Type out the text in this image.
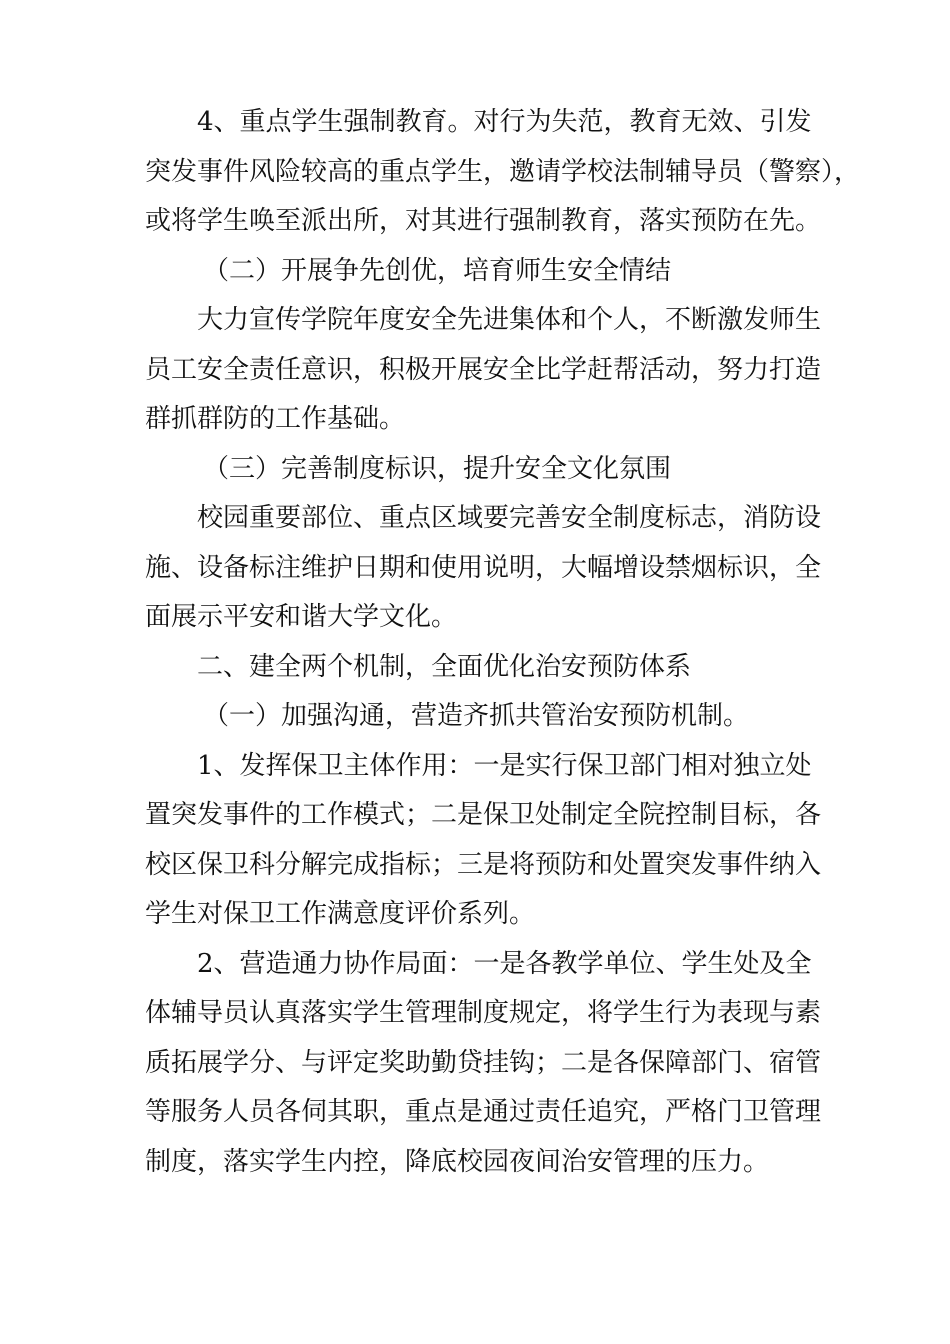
4、重点学生强制教育。对行为失范，教育无效、引发
突发事件风险较高的重点学生，邀请学校法制辅导员（警察），
或将学生唤至派出所，对其进行强制教育，落实预防在先。
（二）开展争先创优，培育师生安全情结
大力宣传学院年度安全先进集体和个人，不断激发师生
员工安全责任意识，积极开展安全比学赶帮活动，努力打造
群抓群防的工作基础。
（三）完善制度标识，提升安全文化氛围
校园重要部位、重点区域要完善安全制度标志，消防设
施、设备标注维护日期和使用说明，大幅增设禁烟标识，全
面展示平安和谐大学文化。
二、建全两个机制，全面优化治安预防体系
（一）加强沟通，营造齐抓共管治安预防机制。
1、发挥保卫主体作用：一是实行保卫部门相对独立处
置突发事件的工作模式；二是保卫处制定全院控制目标，各
校区保卫科分解完成指标；三是将预防和处置突发事件纳入
学生对保卫工作满意度评价系列。
2、营造通力协作局面：一是各教学单位、学生处及全
体辅导员认真落实学生管理制度规定，将学生行为表现与素
质拓展学分、与评定奖助勤贷挂钩；二是各保障部门、宿管
等服务人员各伺其职，重点是通过责任追究，严格门卫管理
制度，落实学生内控，降底校园夜间治安管理的压力。
